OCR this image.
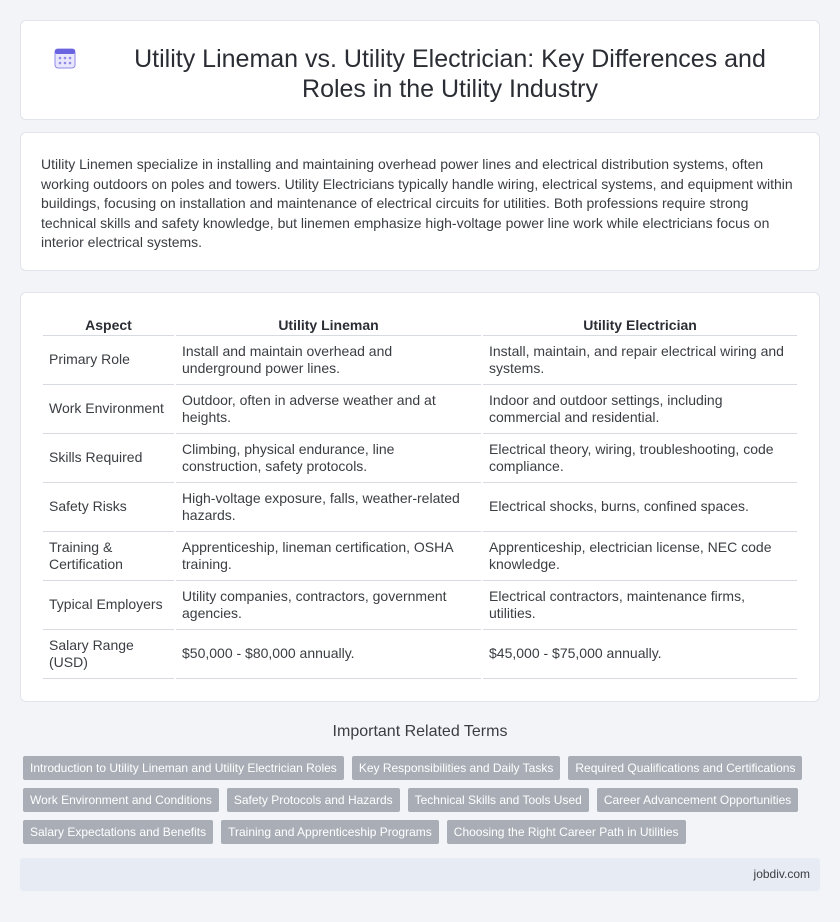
Utility Lineman vs. Utility Electrician: Key Differences and Roles in the Utility Industry

Utility Linemen specialize in installing and maintaining overhead power lines and electrical distribution systems, often working outdoors on poles and towers. Utility Electricians typically handle wiring, electrical systems, and equipment within buildings, focusing on installation and maintenance of electrical circuits for utilities. Both professions require strong technical skills and safety knowledge, but linemen emphasize high-voltage power line work while electricians focus on interior electrical systems.

Aspect	Utility Lineman	Utility Electrician
Primary Role	Install and maintain overhead and underground power lines.	Install, maintain, and repair electrical wiring and systems.
Work Environment	Outdoor, often in adverse weather and at heights.	Indoor and outdoor settings, including commercial and residential.
Skills Required	Climbing, physical endurance, line construction, safety protocols.	Electrical theory, wiring, troubleshooting, code compliance.
Safety Risks	High-voltage exposure, falls, weather-related hazards.	Electrical shocks, burns, confined spaces.
Training & Certification	Apprenticeship, lineman certification, OSHA training.	Apprenticeship, electrician license, NEC code knowledge.
Typical Employers	Utility companies, contractors, government agencies.	Electrical contractors, maintenance firms, utilities.
Salary Range (USD)	$50,000 - $80,000 annually.	$45,000 - $75,000 annually.
Important Related Terms
Introduction to Utility Lineman and Utility Electrician Roles	Key Responsibilities and Daily Tasks	Required Qualifications and Certifications
Work Environment and Conditions	Safety Protocols and Hazards	Technical Skills and Tools Used	Career Advancement Opportunities
Salary Expectations and Benefits	Training and Apprenticeship Programs	Choosing the Right Career Path in Utilities
jobdiv.com
